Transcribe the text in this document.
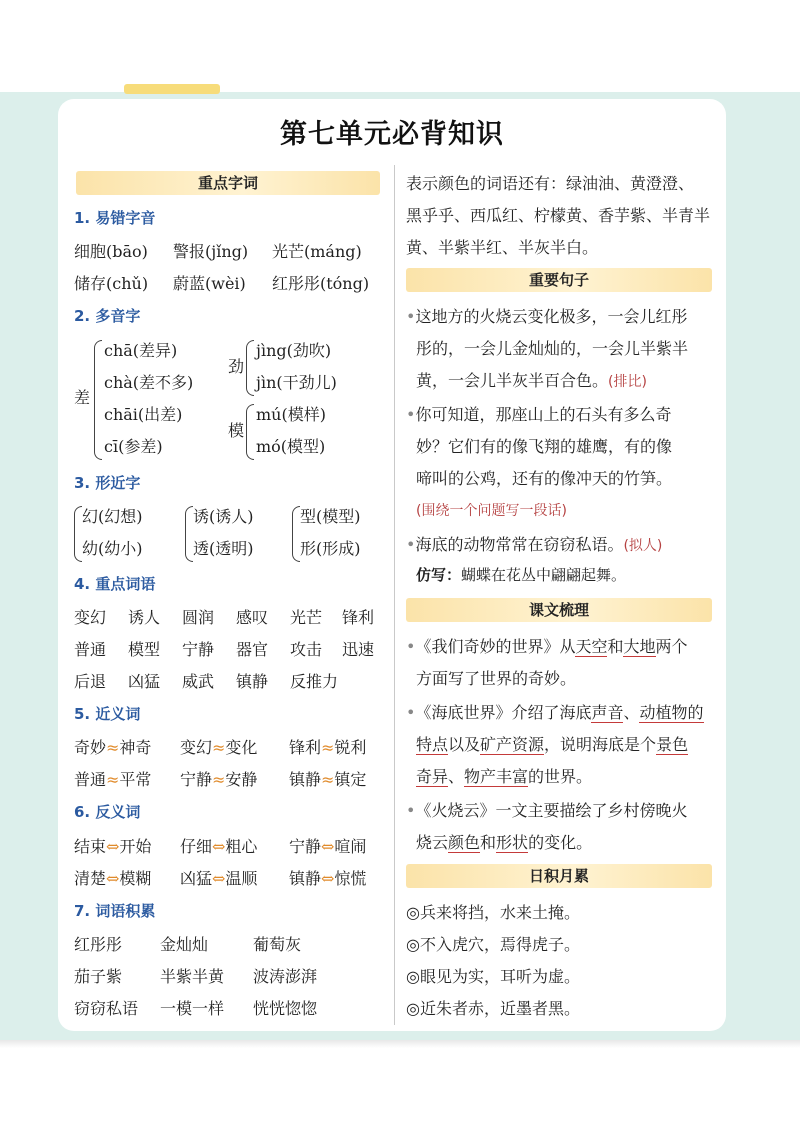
第七单元必背知识
重点字词
1. 易错字音
细胞(bāo) 警报(jǐng) 光芒(máng)
储存(chǔ) 蔚蓝(wèi) 红彤彤(tóng)
2. 多音字
差
chā(差异)
chà(差不多)
chāi(出差)
cī(参差)
劲
jìng(劲吹)
jìn(干劲儿)
模
mú(模样)
mó(模型)
3. 形近字
幻(幻想)
幼(幼小)
诱(诱人)
透(透明)
型(模型)
形(形成)
4. 重点词语
变幻 诱人 圆润 感叹 光芒 锋利
普通 模型 宁静 器官 攻击 迅速
后退 凶猛 威武 镇静 反推力
5. 近义词
奇妙≈神奇 变幻≈变化 锋利≈锐利
普通≈平常 宁静≈安静 镇静≈镇定
6. 反义词
结束⇔开始 仔细⇔粗心 宁静⇔喧闹
清楚⇔模糊 凶猛⇔温顺 镇静⇔惊慌
7. 词语积累
红彤彤 金灿灿	葡萄灰
茄子紫 半紫半黄 波涛澎湃
窃窃私语 一模一样 恍恍惚惚
表示颜色的词语还有：绿油油、黄澄澄、
黑乎乎、西瓜红、柠檬黄、香芋紫、半青半
黄、半紫半红、半灰半白。
重要句子
•这地方的火烧云变化极多，一会儿红彤
彤的，一会儿金灿灿的，一会儿半紫半
黄，一会儿半灰半百合色。(排比)
•你可知道，那座山上的石头有多么奇
妙？它们有的像飞翔的雄鹰，有的像
啼叫的公鸡，还有的像冲天的竹笋。
(围绕一个问题写一段话)
•海底的动物常常在窃窃私语。(拟人)
仿写：蝴蝶在花丛中翩翩起舞。
课文梳理
•《我们奇妙的世界》从天空和大地两个
方面写了世界的奇妙。
•《海底世界》介绍了海底声音、动植物的
特点以及矿产资源，说明海底是个景色
奇异、物产丰富的世界。
•《火烧云》一文主要描绘了乡村傍晚火
烧云颜色和形状的变化。
日积月累
◎兵来将挡，水来土掩。
◎不入虎穴，焉得虎子。
◎眼见为实，耳听为虚。
◎近朱者赤，近墨者黑。
